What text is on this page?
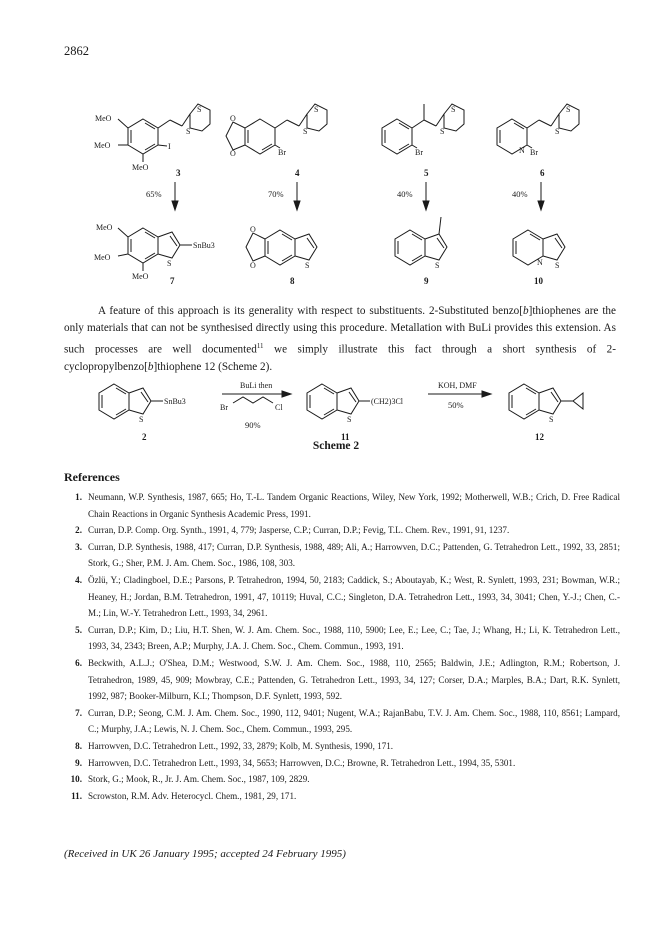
2862
MeO
MeO
MeO
I
S
S
3
O
O	Br
S
S
4
Br
S
S
5
N Br
S
S
6
65%	70%	40%	40%
MeO
MeO
MeO
S
SnBu3
7
O
O	S
8
S
9
N S
10

A feature of this approach is its generality with respect to substituents. 2-Substituted benzo[b]thiophenes are the only materials that can not be synthesised directly using this procedure. Metallation with BuLi provides this extension. As such processes are well documented$^{11}$ we simply illustrate this fact through a short synthesis of 2-cyclopropylbenzo[b]thiophene 12 (Scheme 2).

S
SnBu3
2
BuLi then
Br	Cl
90%
S
(CH2)3Cl
11
KOH, DMF
50%
S
12
Scheme 2
References
1. Neumann, W.P. Synthesis, 1987, 665; Ho, T.-L. Tandem Organic Reactions, Wiley, New York, 1992; Motherwell, W.B.; Crich, D. Free Radical Chain Reactions in Organic Synthesis Academic Press, 1991.
2. Curran, D.P. Comp. Org. Synth., 1991, 4, 779; Jasperse, C.P.; Curran, D.P.; Fevig, T.L. Chem. Rev., 1991, 91, 1237.
3. Curran, D.P. Synthesis, 1988, 417; Curran, D.P. Synthesis, 1988, 489; Ali, A.; Harrowven, D.C.; Pattenden, G. Tetrahedron Lett., 1992, 33, 2851; Stork, G.; Sher, P.M. J. Am. Chem. Soc., 1986, 108, 303.
4. Özlü, Y.; Cladingboel, D.E.; Parsons, P. Tetrahedron, 1994, 50, 2183; Caddick, S.; Aboutayab, K.; West, R. Synlett, 1993, 231; Bowman, W.R.; Heaney, H.; Jordan, B.M. Tetrahedron, 1991, 47, 10119; Huval, C.C.; Singleton, D.A. Tetrahedron Lett., 1993, 34, 3041; Chen, Y.-J.; Chen, C.-M.; Lin, W.-Y. Tetrahedron Lett., 1993, 34, 2961.
5. Curran, D.P.; Kim, D.; Liu, H.T. Shen, W. J. Am. Chem. Soc., 1988, 110, 5900; Lee, E.; Lee, C.; Tae, J.; Whang, H.; Li, K. Tetrahedron Lett., 1993, 34, 2343; Breen, A.P.; Murphy, J.A. J. Chem. Soc., Chem. Commun., 1993, 191.
6. Beckwith, A.L.J.; O'Shea, D.M.; Westwood, S.W. J. Am. Chem. Soc., 1988, 110, 2565; Baldwin, J.E.; Adlington, R.M.; Robertson, J. Tetrahedron, 1989, 45, 909; Mowbray, C.E.; Pattenden, G. Tetrahedron Lett., 1993, 34, 127; Corser, D.A.; Marples, B.A.; Dart, R.K. Synlett, 1992, 987; Booker-Milburn, K.I.; Thompson, D.F. Synlett, 1993, 592.
7. Curran, D.P.; Seong, C.M. J. Am. Chem. Soc., 1990, 112, 9401; Nugent, W.A.; RajanBabu, T.V. J. Am. Chem. Soc., 1988, 110, 8561; Lampard, C.; Murphy, J.A.; Lewis, N. J. Chem. Soc., Chem. Commun., 1993, 295.
8. Harrowven, D.C. Tetrahedron Lett., 1992, 33, 2879; Kolb, M. Synthesis, 1990, 171.
9. Harrowven, D.C. Tetrahedron Lett., 1993, 34, 5653; Harrowven, D.C.; Browne, R. Tetrahedron Lett., 1994, 35, 5301.
10. Stork, G.; Mook, R., Jr. J. Am. Chem. Soc., 1987, 109, 2829.
11. Scrowston, R.M. Adv. Heterocycl. Chem., 1981, 29, 171.
(Received in UK 26 January 1995; accepted 24 February 1995)
